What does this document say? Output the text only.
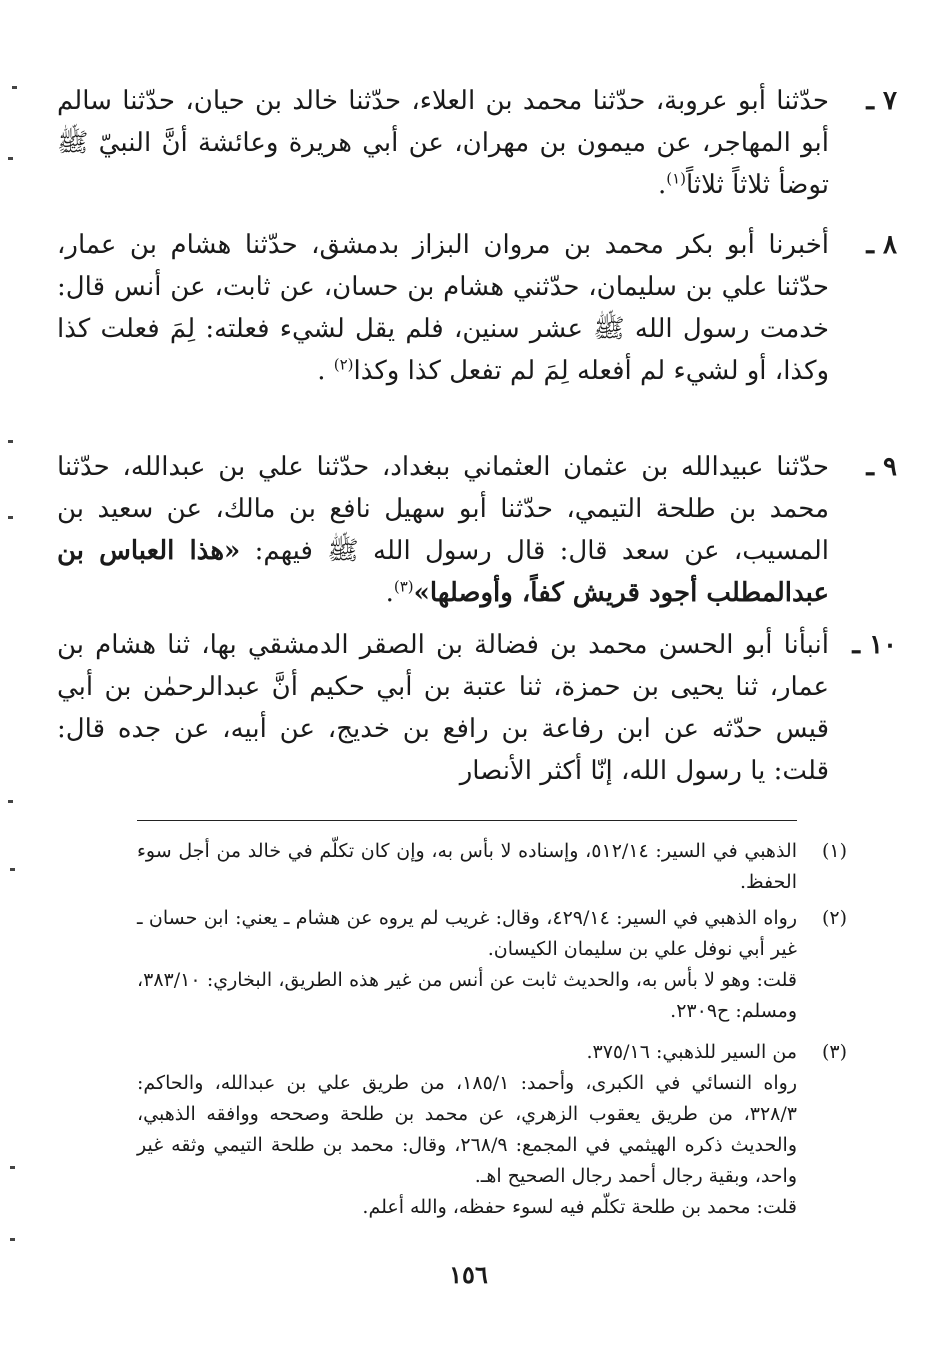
٧ ـ
حدّثنا أبو عروبة، حدّثنا محمد بن العلاء، حدّثنا خالد بن حيان، حدّثنا سالم أبو المهاجر، عن ميمون بن مهران، عن أبي هريرة وعائشة أنَّ النبيّ ﷺ توضأ ثلاثاً ثلاثاً$^{(١)}$.
٨ ـ
أخبرنا أبو بكر محمد بن مروان البزاز بدمشق، حدّثنا هشام بن عمار، حدّثنا علي بن سليمان، حدّثني هشام بن حسان، عن ثابت، عن أنس قال: خدمت رسول الله ﷺ عشر سنين، فلم يقل لشيء فعلته: لِمَ فعلت كذا وكذا، أو لشيء لم أفعله لِمَ لم تفعل كذا وكذا$^{(٢)}$ .
٩ ـ
حدّثنا عبيدالله بن عثمان العثماني ببغداد، حدّثنا علي بن عبدالله، حدّثنا محمد بن طلحة التيمي، حدّثنا أبو سهيل نافع بن مالك، عن سعيد بن المسيب، عن سعد قال: قال رسول الله ﷺ فيهم: «هذا العباس بن عبدالمطلب أجود قريش كفاً، وأوصلها»$^{(٣)}$.
١٠ ـ
أنبأنا أبو الحسن محمد بن فضالة بن الصقر الدمشقي بها، ثنا هشام بن عمار، ثنا يحيى بن حمزة، ثنا عتبة بن أبي حكيم أنَّ عبدالرحمٰن بن أبي قيس حدّثه عن ابن رفاعة بن رافع بن خديج، عن أبيه، عن جده قال: قلت: يا رسول الله، إنّا أكثر الأنصار
(١)

الذهبي في السير: ٥١٢/١٤، وإسناده لا بأس به، وإن كان تكلّم في خالد من أجل سوء الحفظ.

(٢)

رواه الذهبي في السير: ٤٢٩/١٤، وقال: غريب لم يروه عن هشام ـ يعني: ابن حسان ـ غير أبي نوفل علي بن سليمان الكيسان.

قلت: وهو لا بأس به، والحديث ثابت عن أنس من غير هذه الطريق، البخاري: ٣٨٣/١٠، ومسلم: ح٢٣٠٩.

(٣)

من السير للذهبي: ٣٧٥/١٦.

رواه النسائي في الكبرى، وأحمد: ١٨٥/١، من طريق علي بن عبدالله، والحاكم: ٣٢٨/٣، من طريق يعقوب الزهري، عن محمد بن طلحة وصححه ووافقه الذهبي، والحديث ذكره الهيثمي في المجمع: ٢٦٨/٩، وقال: محمد بن طلحة التيمي وثقه غير واحد، وبقية رجال أحمد رجال الصحيح اهـ.

قلت: محمد بن طلحة تكلّم فيه لسوء حفظه، والله أعلم.

١٥٦
